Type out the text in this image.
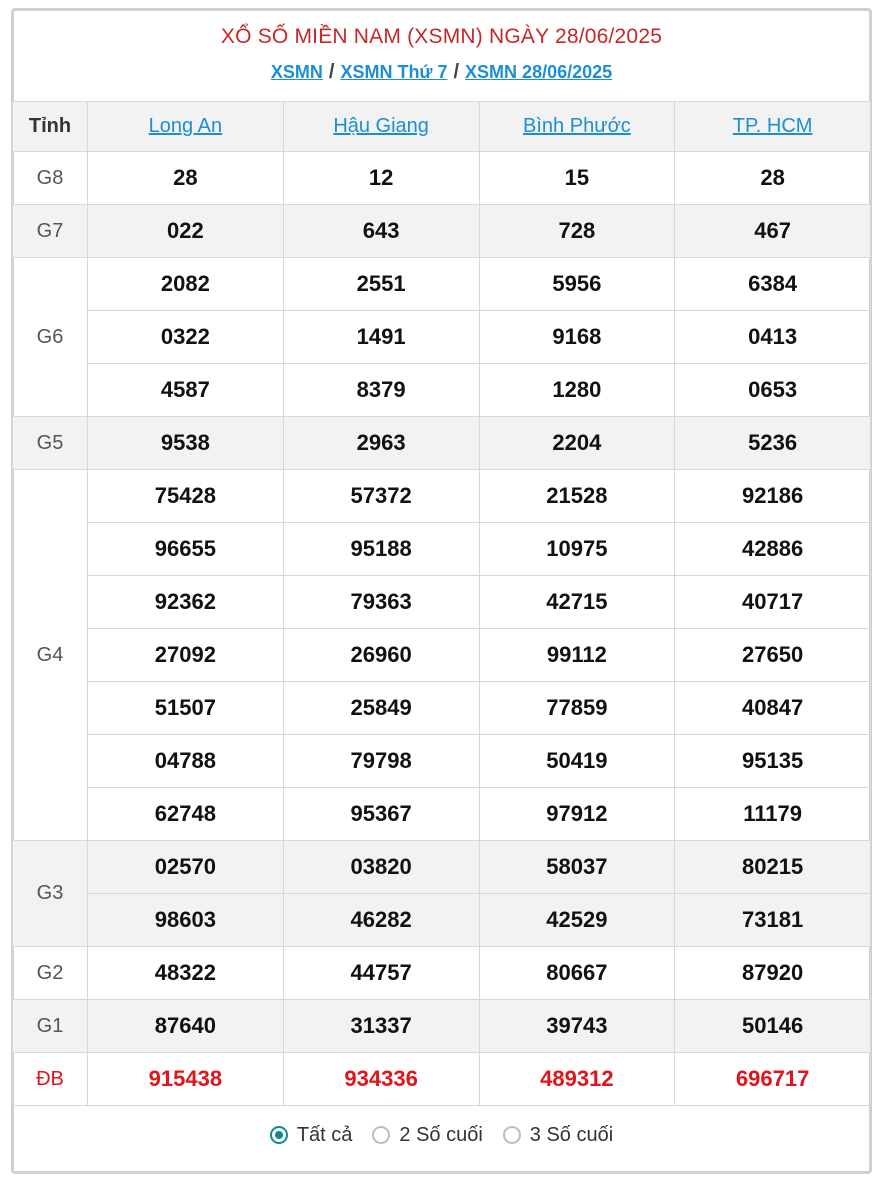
XỔ SỐ MIỀN NAM (XSMN) NGÀY 28/06/2025
XSMN / XSMN Thứ 7 / XSMN 28/06/2025
Tỉnh	Long An	Hậu Giang	Bình Phước	TP. HCM
G8	28	12	15	28
G7	022	643	728	467
G6	2082	2551	5956	6384
	0322	1491	9168	0413
	4587	8379	1280	0653
G5	9538	2963	2204	5236
G4	75428	57372	21528	92186
	96655	95188	10975	42886
	92362	79363	42715	40717
	27092	26960	99112	27650
	51507	25849	77859	40847
	04788	79798	50419	95135
	62748	95367	97912	11179
G3	02570	03820	58037	80215
	98603	46282	42529	73181
G2	48322	44757	80667	87920
G1	87640	31337	39743	50146
ĐB	915438	934336	489312	696717
Tất cả 2 Số cuối 3 Số cuối
